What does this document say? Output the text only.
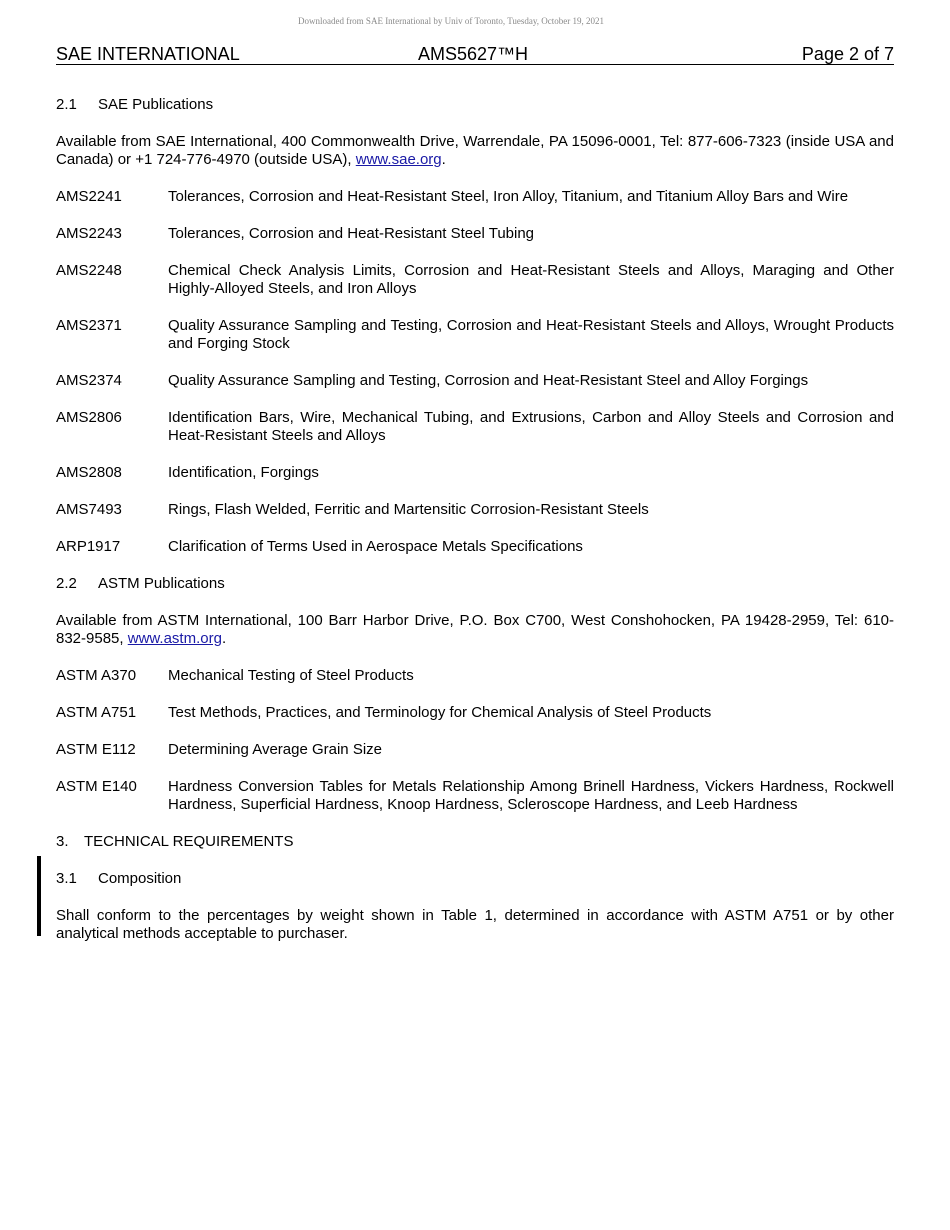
Downloaded from SAE International by Univ of Toronto, Tuesday, October 19, 2021
SAE INTERNATIONAL	AMS5627™H	Page 2 of 7
2.1	SAE Publications

Available from SAE International, 400 Commonwealth Drive, Warrendale, PA 15096-0001, Tel: 877-606-7323 (inside USA and Canada) or +1 724-776-4970 (outside USA), www.sae.org.

AMS2241	Tolerances, Corrosion and Heat-Resistant Steel, Iron Alloy, Titanium, and Titanium Alloy Bars and Wire
AMS2243	Tolerances, Corrosion and Heat-Resistant Steel Tubing
AMS2248	Chemical Check Analysis Limits, Corrosion and Heat-Resistant Steels and Alloys, Maraging and Other Highly-Alloyed Steels, and Iron Alloys
AMS2371	Quality Assurance Sampling and Testing, Corrosion and Heat-Resistant Steels and Alloys, Wrought Products and Forging Stock
AMS2374	Quality Assurance Sampling and Testing, Corrosion and Heat-Resistant Steel and Alloy Forgings
AMS2806	Identification Bars, Wire, Mechanical Tubing, and Extrusions, Carbon and Alloy Steels and Corrosion and Heat-Resistant Steels and Alloys
AMS2808	Identification, Forgings
AMS7493	Rings, Flash Welded, Ferritic and Martensitic Corrosion-Resistant Steels
ARP1917	Clarification of Terms Used in Aerospace Metals Specifications
2.2	ASTM Publications

Available from ASTM International, 100 Barr Harbor Drive, P.O. Box C700, West Conshohocken, PA 19428-2959, Tel: 610-832-9585, www.astm.org.

ASTM A370	Mechanical Testing of Steel Products
ASTM A751	Test Methods, Practices, and Terminology for Chemical Analysis of Steel Products
ASTM E112	Determining Average Grain Size
ASTM E140	Hardness Conversion Tables for Metals Relationship Among Brinell Hardness, Vickers Hardness, Rockwell Hardness, Superficial Hardness, Knoop Hardness, Scleroscope Hardness, and Leeb Hardness
3.	TECHNICAL REQUIREMENTS
3.1	Composition

Shall conform to the percentages by weight shown in Table 1, determined in accordance with ASTM A751 or by other analytical methods acceptable to purchaser.
